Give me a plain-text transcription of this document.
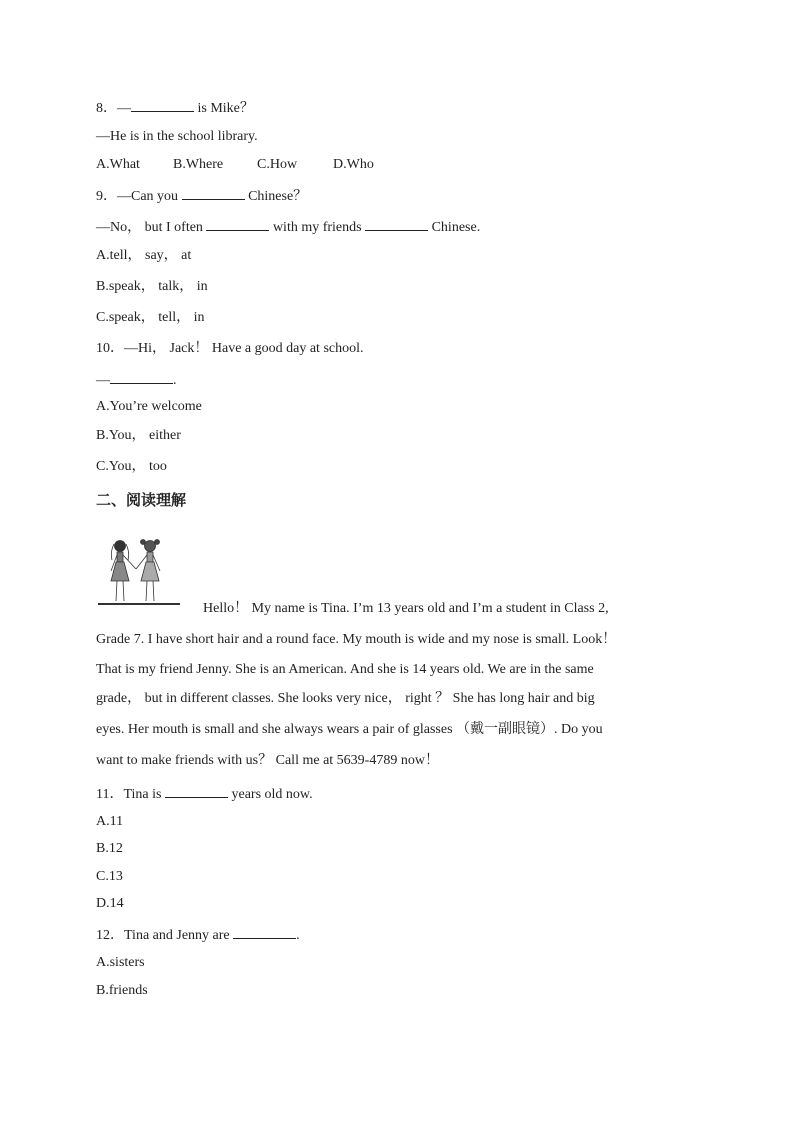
8．—	is Mike？
—He is in the school library.
A.What B.Where C.How	D.Who
9．—Can you	Chinese？
—No， but I often	with my friends	Chinese.
A.tell， say， at
B.speak， talk， in
C.speak， tell， in
10．—Hi， Jack！ Have a good day at school.
—	.
A.You’re welcome
B.You， either
C.You， too
二、阅读理解
Hello！ My name is Tina. I’m 13 years old and I’m a student in Class 2,
Grade 7. I have short hair and a round face. My mouth is wide and my nose is small. Look！
That is my friend Jenny. She is an American. And she is 14 years old. We are in the same
grade， but in different classes. She looks very nice， right ？ She has long hair and big
eyes. Her mouth is small and she always wears a pair of glasses （戴一副眼镜）. Do you
want to make friends with us？ Call me at 5639-4789 now！
11．Tina is	years old now.
A.11
B.12
C.13
D.14
12．Tina and Jenny are	.
A.sisters
B.friends
